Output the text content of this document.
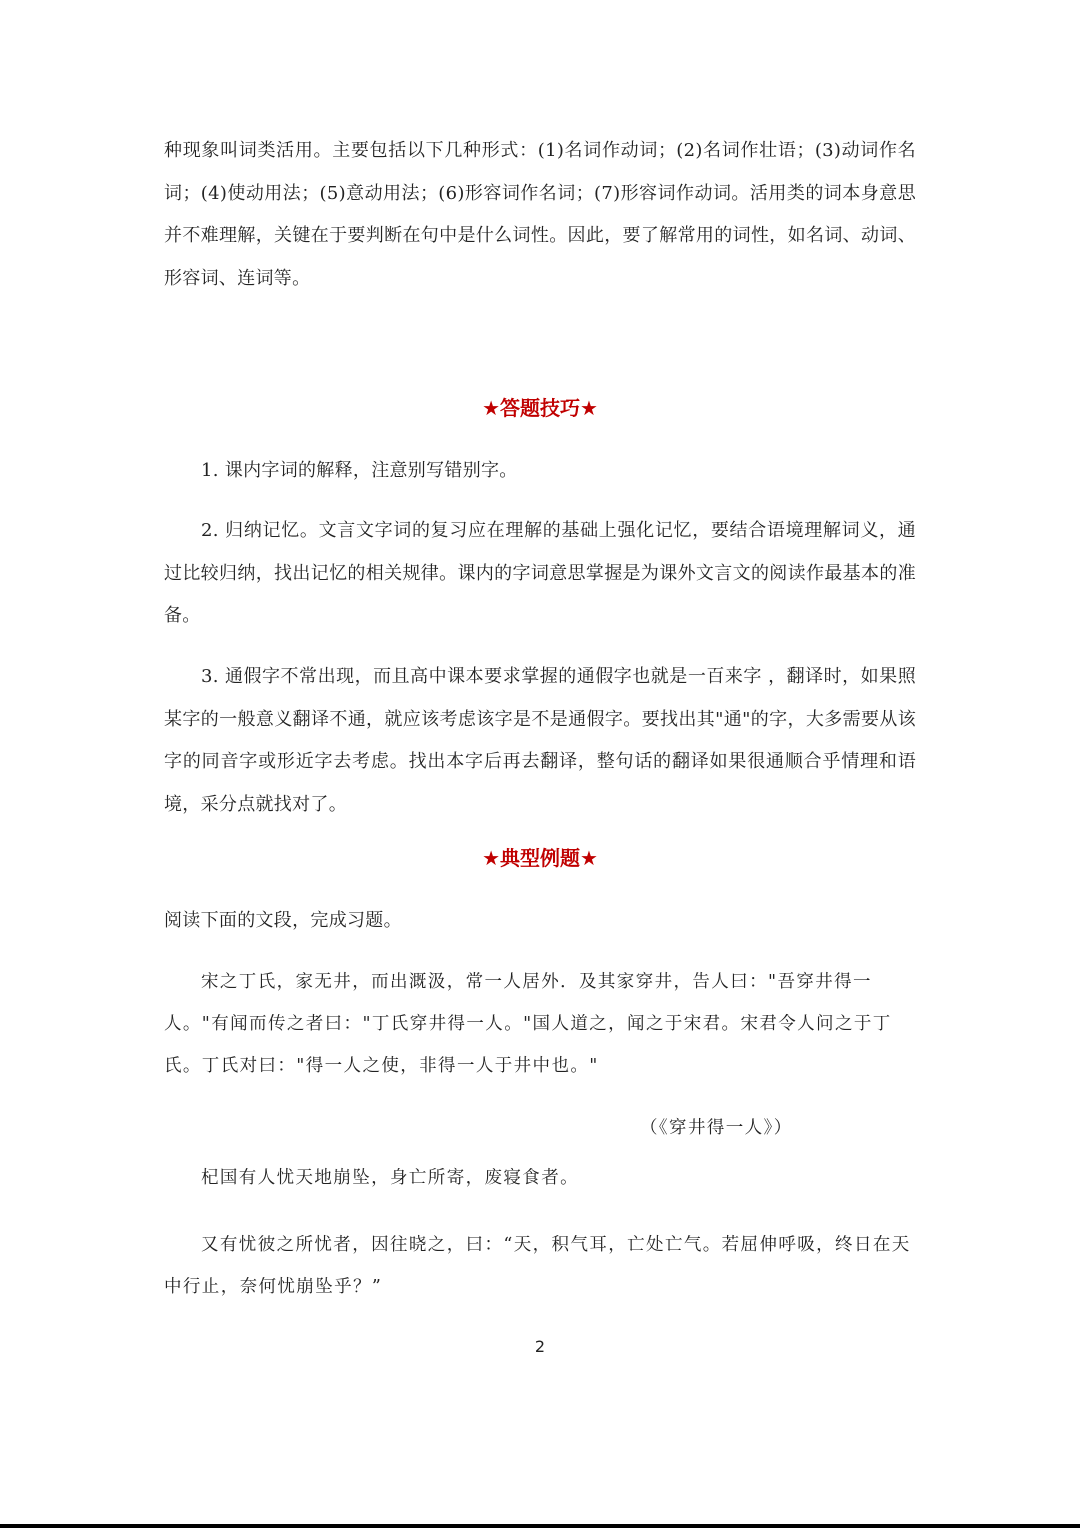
种现象叫词类活用。主要包括以下几种形式：(1)名词作动词；(2)名词作壮语；(3)动词作名词；(4)使动用法；(5)意动用法；(6)形容词作名词；(7)形容词作动词。活用类的词本身意思并不难理解，关键在于要判断在句中是什么词性。因此，要了解常用的词性，如名词、动词、形容词、连词等。

★答题技巧★

1. 课内字词的解释，注意别写错别字。

2. 归纳记忆。文言文字词的复习应在理解的基础上强化记忆，要结合语境理解词义，通过比较归纳，找出记忆的相关规律。课内的字词意思掌握是为课外文言文的阅读作最基本的准备。

3. 通假字不常出现，而且高中课本要求掌握的通假字也就是一百来字 ，翻译时，如果照某字的一般意义翻译不通，就应该考虑该字是不是通假字。要找出其"通"的字，大多需要从该字的同音字或形近字去考虑。找出本字后再去翻译，整句话的翻译如果很通顺合乎情理和语境，采分点就找对了。

★典型例题★

阅读下面的文段，完成习题。

宋之丁氏，家无井，而出溉汲，常一人居外．及其家穿井，告人曰："吾穿井得一人。"有闻而传之者曰："丁氏穿井得一人。"国人道之，闻之于宋君。宋君令人问之于丁氏。丁氏对曰："得一人之使，非得一人于井中也。"

（《穿井得一人》）

杞国有人忧天地崩坠，身亡所寄，废寝食者。

又有忧彼之所忧者，因往晓之，曰：“天，积气耳，亡处亡气。若屈伸呼吸，终日在天中行止，奈何忧崩坠乎？”

2
